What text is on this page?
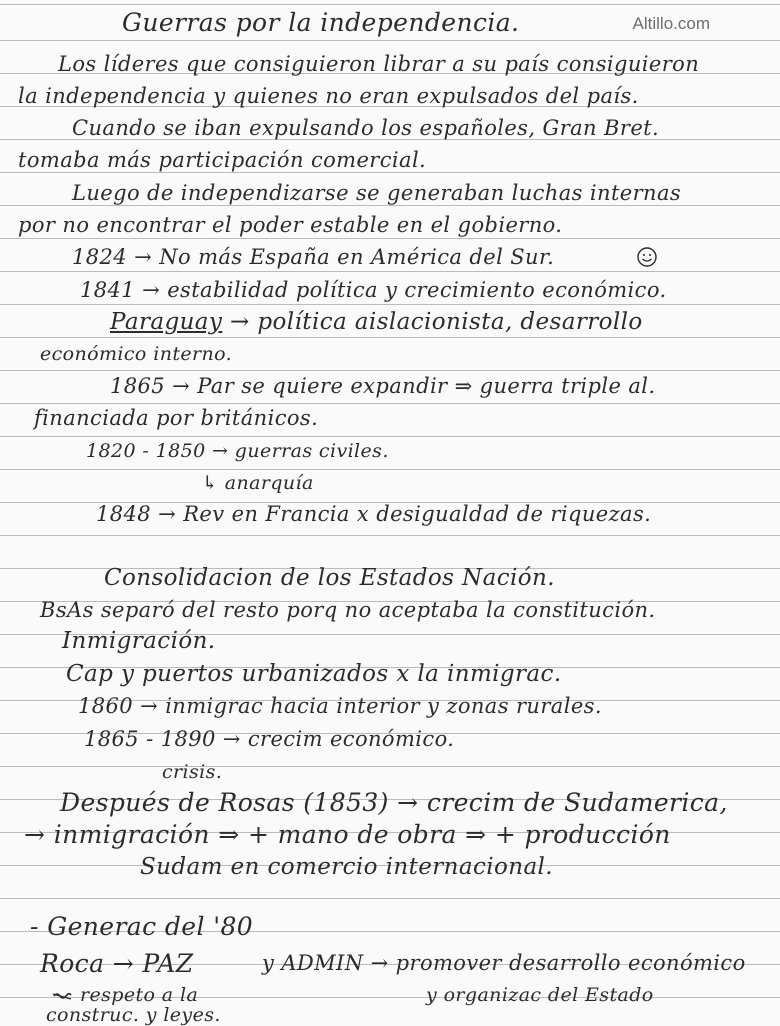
Altillo.com

Guerras por la independencia.

Los líderes que consiguieron librar a su país consiguieron

la independencia y quienes no eran expulsados del país.

Cuando se iban expulsando los españoles, Gran Bret.

tomaba más participación comercial.

Luego de independizarse se generaban luchas internas

por no encontrar el poder estable en el gobierno.

1824 → No más España en América del Sur.

1841 → estabilidad política y crecimiento económico.

Paraguay → política aislacionista, desarrollo

económico interno.

1865 → Par se quiere expandir ⇒ guerra triple al.

financiada por británicos.

1820 - 1850 → guerras civiles.

↳ anarquía

1848 → Rev en Francia x desigualdad de riquezas.

Consolidacion de los Estados Nación.

BsAs separó del resto porq no aceptaba la constitución.

Inmigración.

Cap y puertos urbanizados x la inmigrac.

1860 → inmigrac hacia interior y zonas rurales.

1865 - 1890 → crecim económico.

crisis.

Después de Rosas (1853) → crecim de Sudamerica,

→ inmigración ⇒ + mano de obra ⇒ + producción

Sudam en comercio internacional.

- Generac del '80

Roca → PAZ	y ADMIN → promover desarrollo económico

respeto a la	y organizac del Estado

construc. y leyes.
